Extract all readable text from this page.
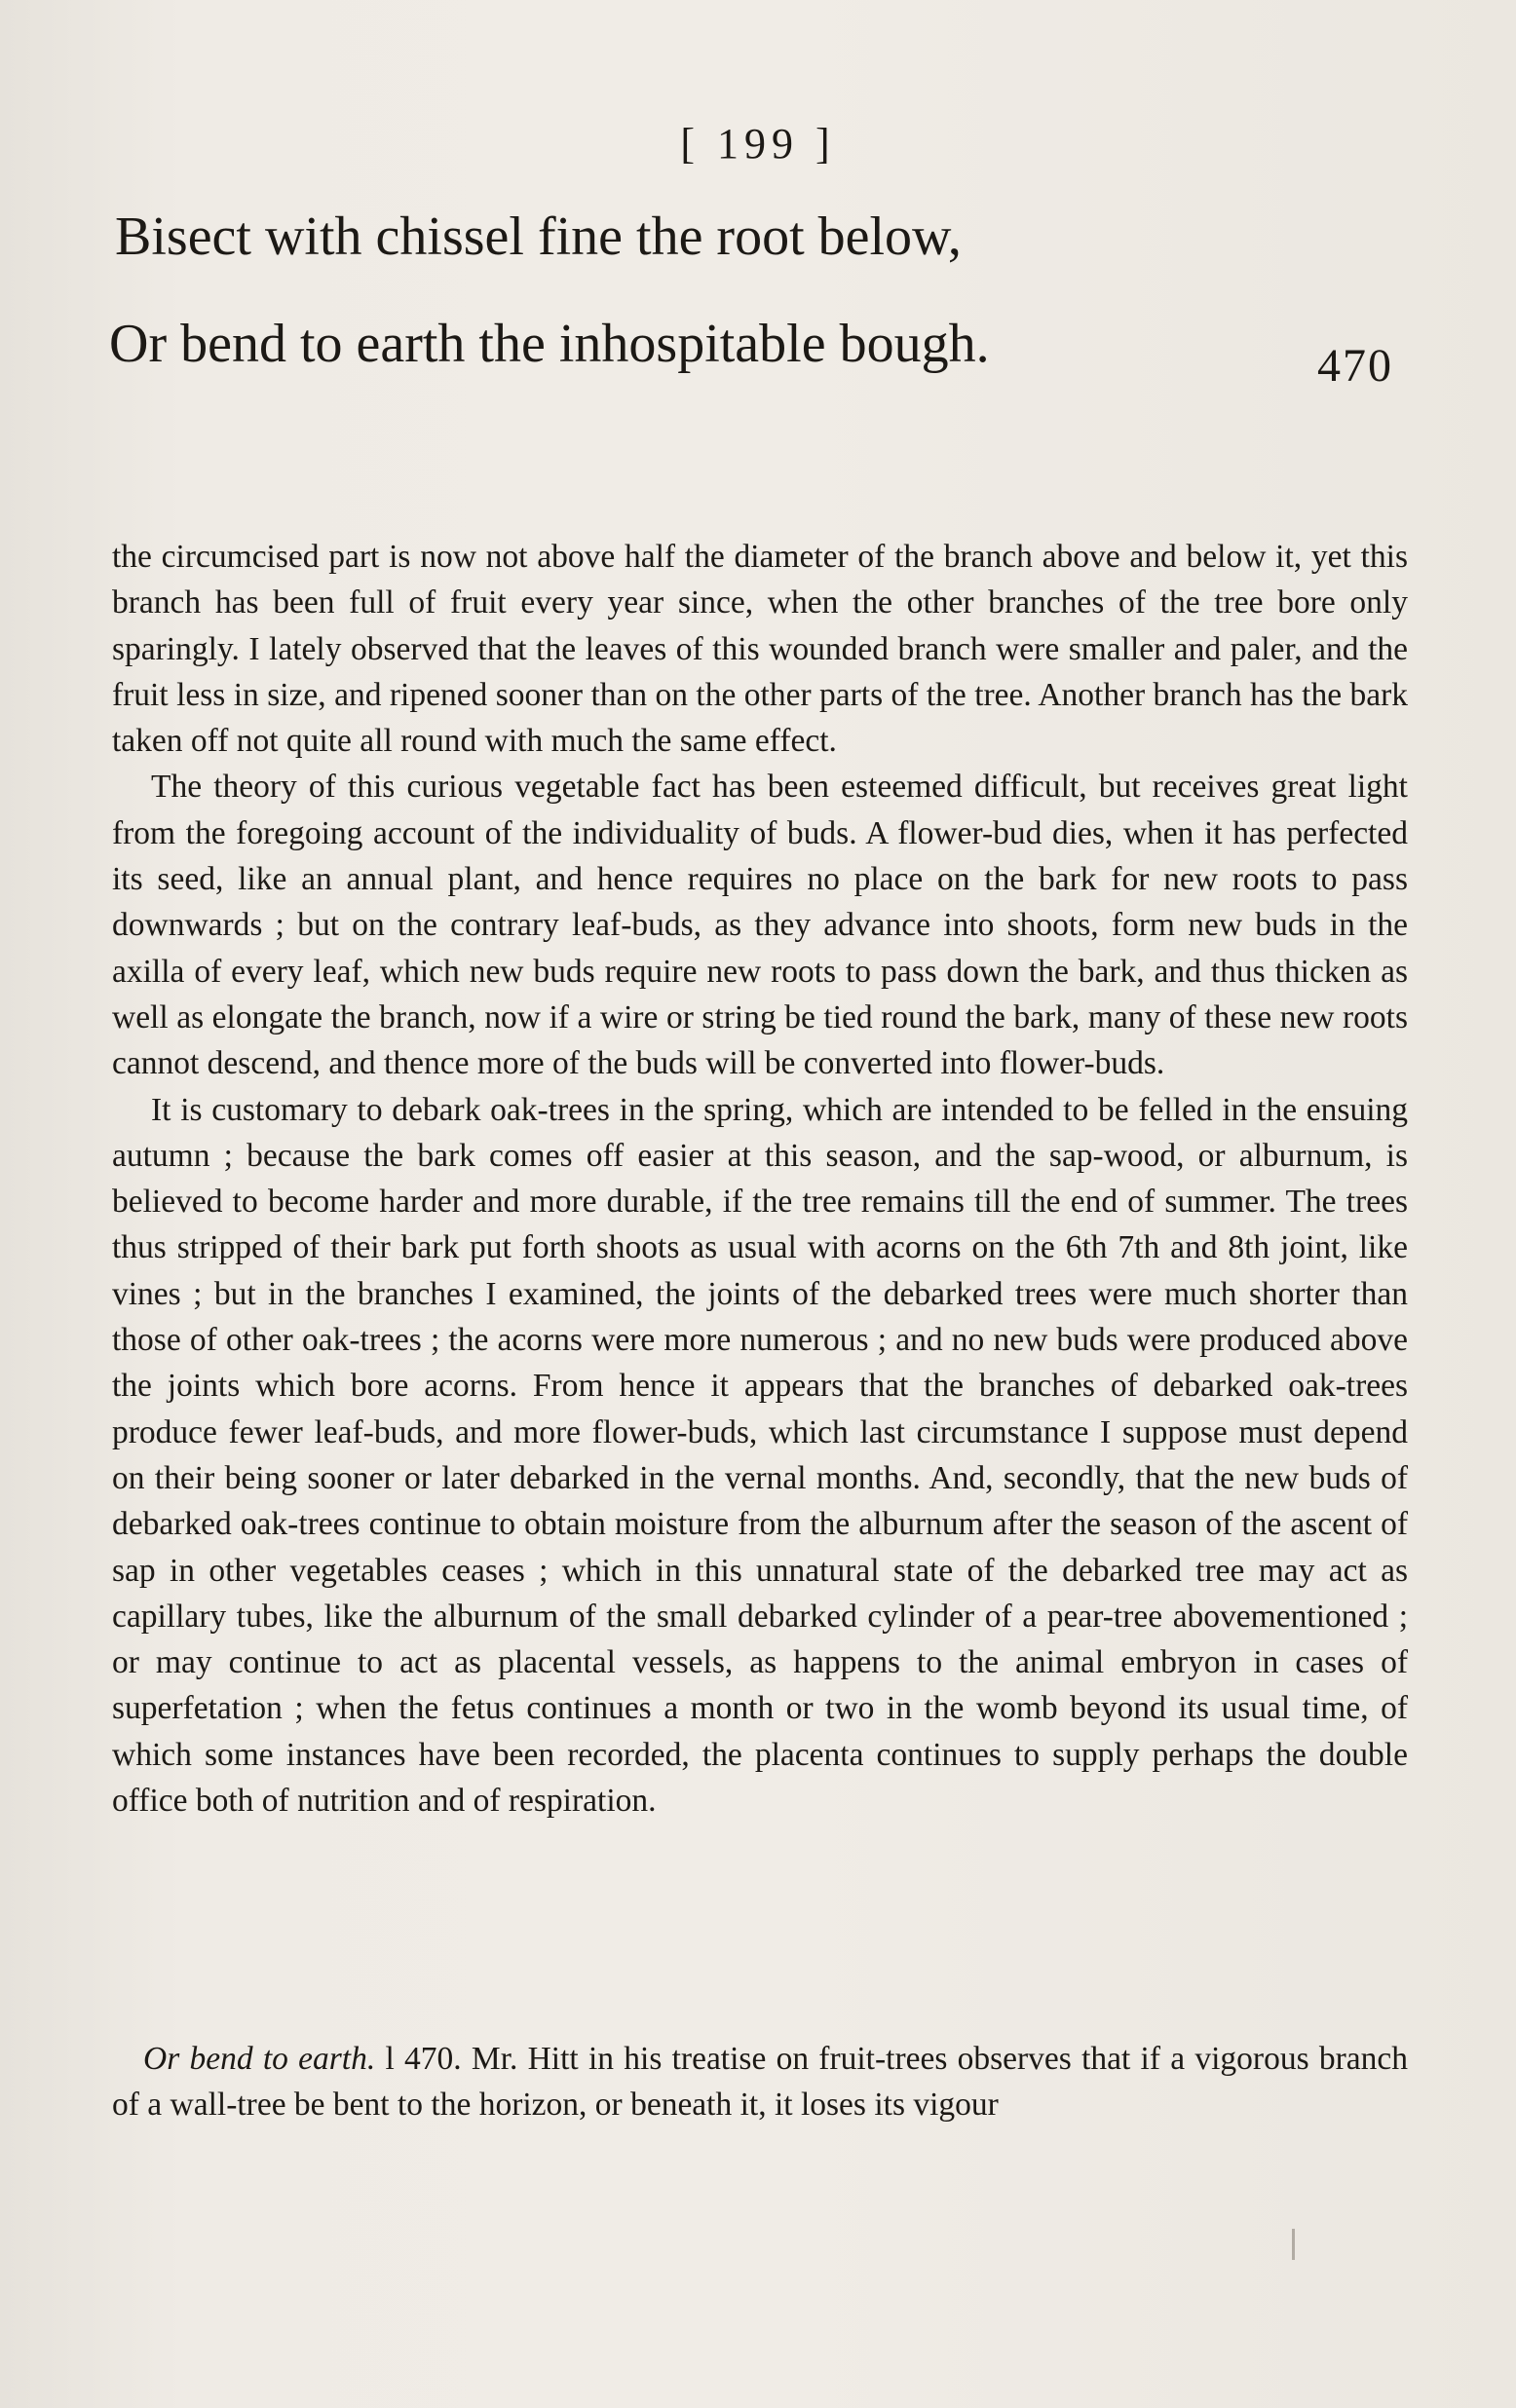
[ 199 ]
Bisect with chissel fine the root below,
Or bend to earth the inhospitable bough.	470

the circumcised part is now not above half the diameter of the branch above and below it, yet this branch has been full of fruit every year since, when the other branches of the tree bore only sparingly. I lately observed that the leaves of this wounded branch were smaller and paler, and the fruit less in size, and ripened sooner than on the other parts of the tree. Another branch has the bark taken off not quite all round with much the same effect.

The theory of this curious vegetable fact has been esteemed difficult, but receives great light from the foregoing account of the individuality of buds. A flower-bud dies, when it has perfected its seed, like an annual plant, and hence requires no place on the bark for new roots to pass downwards ; but on the contrary leaf-buds, as they advance into shoots, form new buds in the axilla of every leaf, which new buds require new roots to pass down the bark, and thus thicken as well as elongate the branch, now if a wire or string be tied round the bark, many of these new roots cannot descend, and thence more of the buds will be converted into flower-buds.

It is customary to debark oak-trees in the spring, which are intended to be felled in the ensuing autumn ; because the bark comes off easier at this season, and the sap-wood, or alburnum, is believed to become harder and more durable, if the tree remains till the end of summer. The trees thus stripped of their bark put forth shoots as usual with acorns on the 6th 7th and 8th joint, like vines ; but in the branches I examined, the joints of the debarked trees were much shorter than those of other oak-trees ; the acorns were more numerous ; and no new buds were produced above the joints which bore acorns. From hence it appears that the branches of debarked oak-trees produce fewer leaf-buds, and more flower-buds, which last circumstance I suppose must depend on their being sooner or later debarked in the vernal months. And, secondly, that the new buds of debarked oak-trees continue to obtain moisture from the alburnum after the season of the ascent of sap in other vegetables ceases ; which in this unnatural state of the debarked tree may act as capillary tubes, like the alburnum of the small debarked cylinder of a pear-tree abovementioned ; or may continue to act as placental vessels, as happens to the animal embryon in cases of superfetation ; when the fetus continues a month or two in the womb beyond its usual time, of which some instances have been recorded, the placenta continues to supply perhaps the double office both of nutrition and of respiration.

Or bend to earth. l 470. Mr. Hitt in his treatise on fruit-trees observes that if a vigorous branch of a wall-tree be bent to the horizon, or beneath it, it loses its vigour
